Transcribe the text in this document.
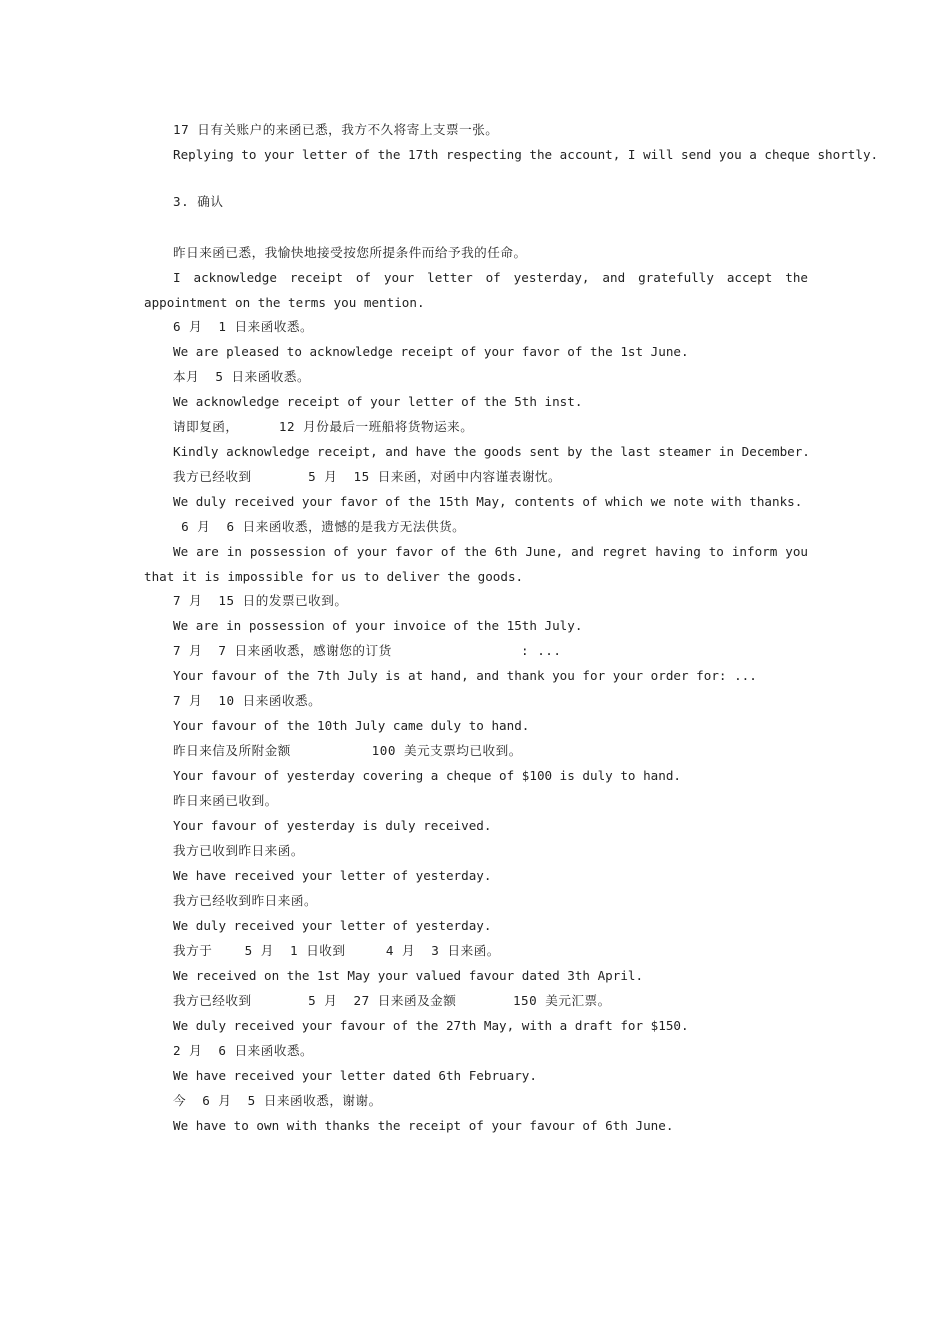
17 日有关账户的来函已悉，我方不久将寄上支票一张。
Replying to your letter of the 17th respecting the account, I will send you a cheque shortly.
3. 确认
昨日来函已悉，我愉快地接受按您所提条件而给予我的任命。
I acknowledge receipt of your letter of yesterday, and gratefully accept the appointment on the terms you mention.
6 月  1 日来函收悉。
We are pleased to acknowledge receipt of your favor of the 1st June.
本月  5 日来函收悉。
We acknowledge receipt of your letter of the 5th inst.
请即复函，     12 月份最后一班船将货物运来。
Kindly acknowledge receipt, and have the goods sent by the last steamer in December.
我方已经收到       5 月  15 日来函，对函中内容谨表谢忱。
We duly received your favor of the 15th May, contents of which we note with thanks.
6 月  6 日来函收悉，遗憾的是我方无法供货。
We are in possession of your favor of the 6th June, and regret having to inform you that it is impossible for us to deliver the goods.
7 月  15 日的发票已收到。
We are in possession of your invoice of the 15th July.
7 月  7 日来函收悉，感谢您的订货                : ...
Your favour of the 7th July is at hand, and thank you for your order for: ...
7 月  10 日来函收悉。
Your favour of the 10th July came duly to hand.
昨日来信及所附金额          100 美元支票均已收到。
Your favour of yesterday covering a cheque of $100 is duly to hand.
昨日来函已收到。
Your favour of yesterday is duly received.
我方已收到昨日来函。
We have received your letter of yesterday.
我方已经收到昨日来函。
We duly received your letter of yesterday.
我方于    5 月  1 日收到     4 月  3 日来函。
We received on the 1st May your valued favour dated 3th April.
我方已经收到       5 月  27 日来函及金额       150 美元汇票。
We duly received your favour of the 27th May, with a draft for $150.
2 月  6 日来函收悉。
We have received your letter dated 6th February.
今  6 月  5 日来函收悉，谢谢。
We have to own with thanks the receipt of your favour of 6th June.
